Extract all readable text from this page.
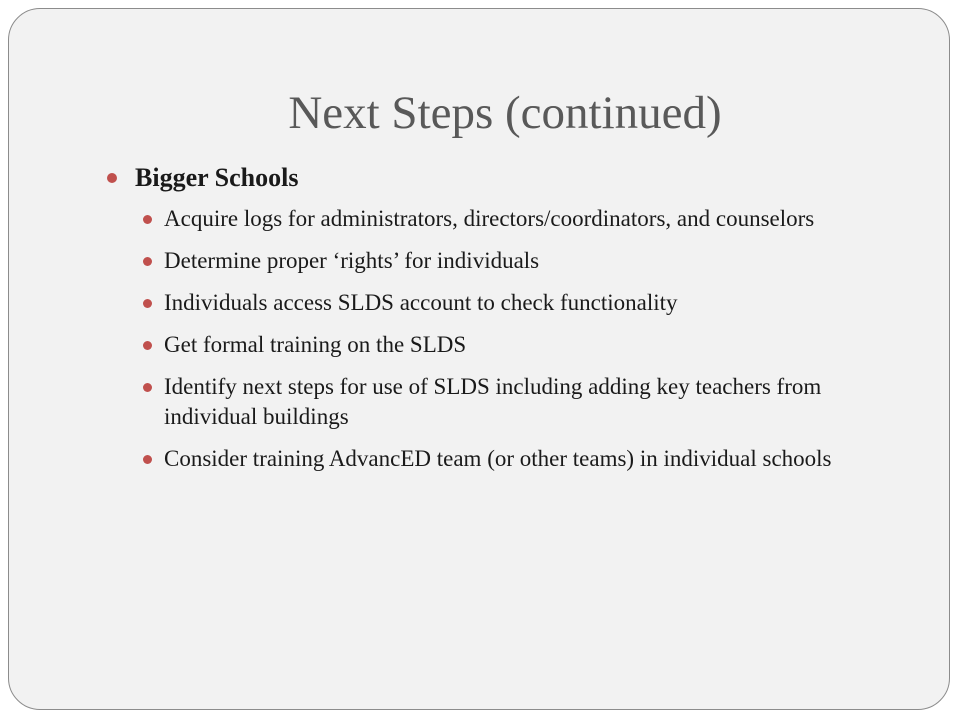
Next Steps (continued)
Bigger Schools
Acquire logs for administrators, directors/coordinators, and counselors
Determine proper ‘rights’ for individuals
Individuals access SLDS account to check functionality
Get formal training on the SLDS
Identify next steps for use of SLDS including adding key teachers from individual buildings
Consider training AdvancED team (or other teams) in individual schools
